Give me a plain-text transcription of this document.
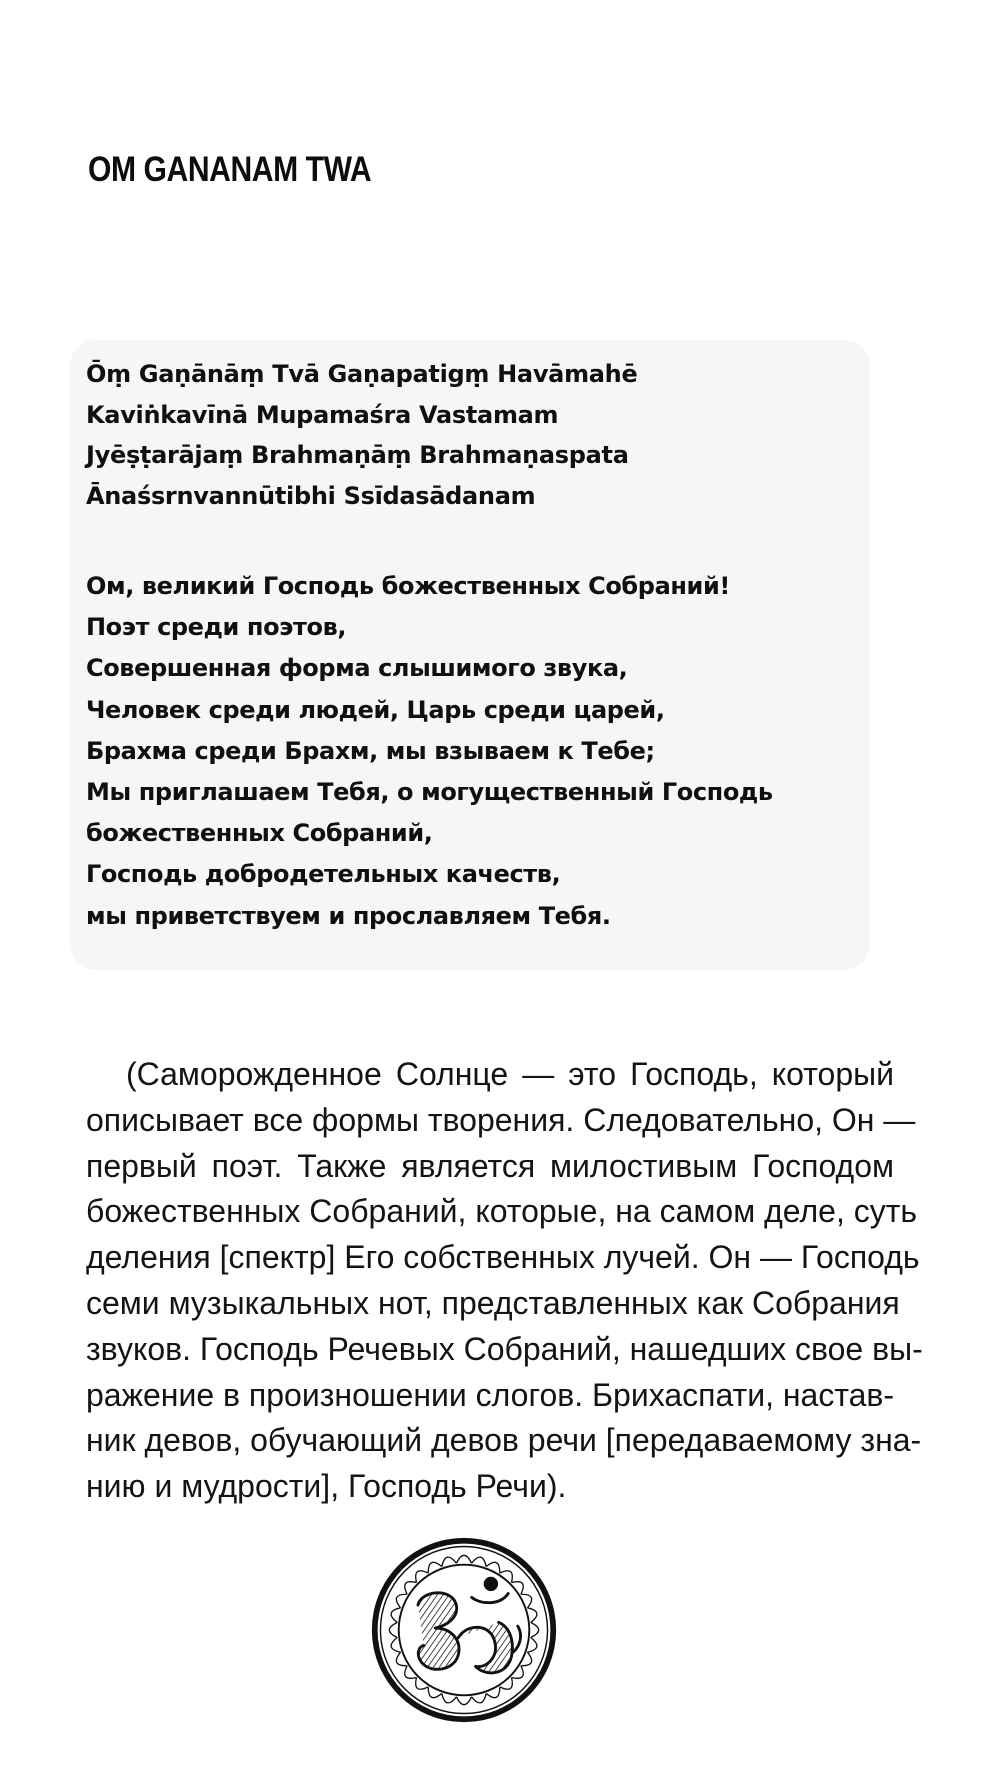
OM GANANAM TWA
Ōṃ Gaṇānāṃ Tvā Gaṇapatigṃ Havāmahē
Kaviṅkavīnā Mupamaśra Vastamam
Jyēṣṭarājaṃ Brahmaṇāṃ Brahmaṇaspata
Ānaśsrnvannūtibhi Ssīdasādanam
Ом, великий Господь божественных Собраний!
Поэт среди поэтов,
Совершенная форма слышимого звука,
Человек среди людей, Царь среди царей,
Брахма среди Брахм, мы взываем к Тебе;
Мы приглашаем Тебя, о могущественный Господь
божественных Собраний,
Господь добродетельных качеств,
мы приветствуем и прославляем Тебя.
(Саморожденное Солнце — это Господь, который
описывает все формы творения. Следовательно, Он —
первый поэт. Также является милостивым Господом
божественных Собраний, которые, на самом деле, суть
деления [спектр] Его собственных лучей. Он — Господь
семи музыкальных нот, представленных как Собрания
звуков. Господь Речевых Собраний, нашедших свое вы-
ражение в произношении слогов. Брихаспати, настав-
ник девов, обучающий девов речи [передаваемому зна-
нию и мудрости], Господь Речи).
